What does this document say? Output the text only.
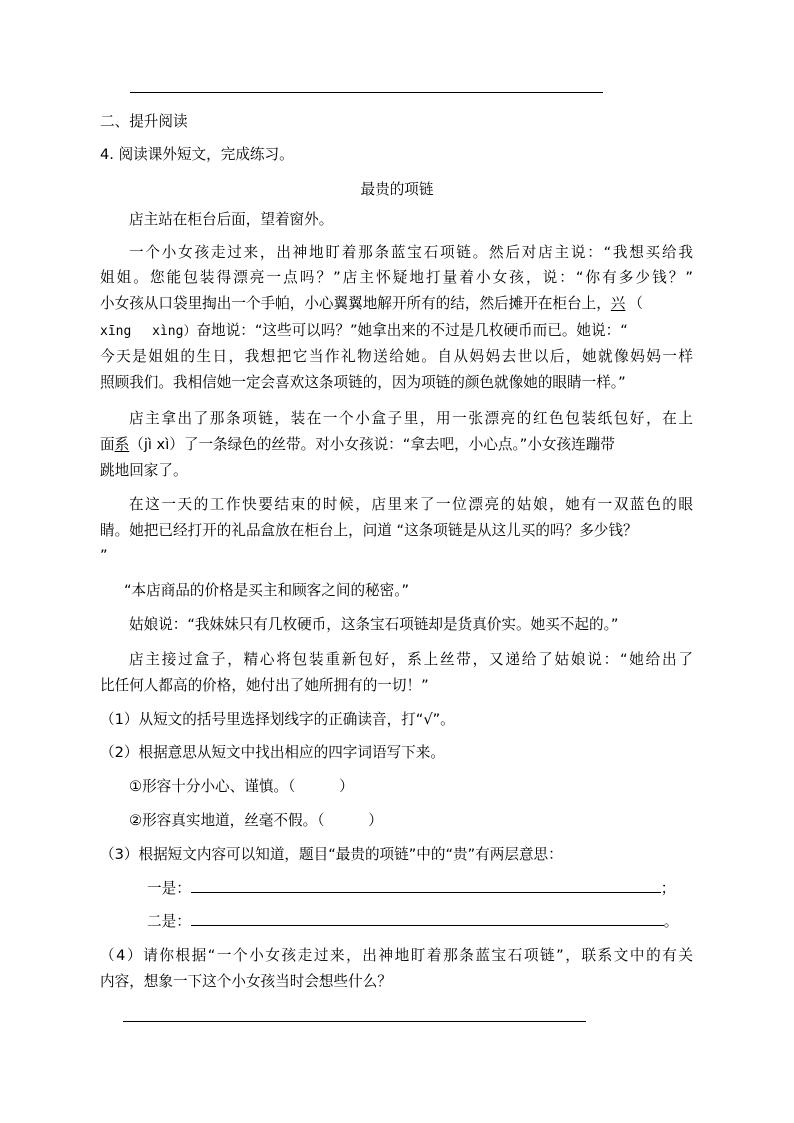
二、提升阅读
4. 阅读课外短文，完成练习。
最贵的项链
店主站在柜台后面，望着窗外。
一个小女孩走过来，出神地盯着那条蓝宝石项链。然后对店主说：“我想买给我
姐姐。您能包装得漂亮一点吗？”店主怀疑地打量着小女孩，说：“你有多少钱？”
小女孩从口袋里掏出一个手帕，小心翼翼地解开所有的结，然后摊开在柜台上，兴 （
xīng　 xìng）奋地说：“这些可以吗？”她拿出来的不过是几枚硬币而已。她说：“
今天是姐姐的生日，我想把它当作礼物送给她。自从妈妈去世以后，她就像妈妈一样
照顾我们。我相信她一定会喜欢这条项链的，因为项链的颜色就像她的眼睛一样。”
店主拿出了那条项链，装在一个小盒子里，用一张漂亮的红色包装纸包好，在上
面系（jì xì）了一条绿色的丝带。对小女孩说：“拿去吧，小心点。”小女孩连蹦带
跳地回家了。
在这一天的工作快要结束的时候，店里来了一位漂亮的姑娘，她有一双蓝色的眼
睛。她把已经打开的礼品盒放在柜台上，问道 “这条项链是从这儿买的吗？多少钱？
”
“本店商品的价格是买主和顾客之间的秘密。”
姑娘说：“我妹妹只有几枚硬币，这条宝石项链却是货真价实。她买不起的。”
店主接过盒子，精心将包装重新包好，系上丝带，又递给了姑娘说：“她给出了
比任何人都高的价格，她付出了她所拥有的一切！”
（1）从短文的括号里选择划线字的正确读音，打“√”。
（2）根据意思从短文中找出相应的四字词语写下来。
①形容十分小心、谨慎。（　　　）
②形容真实地道，丝毫不假。（　　　）
（3）根据短文内容可以知道，题目“最贵的项链”中的“贵”有两层意思：
一是：	；
二是：	。
（4）请你根据“一个小女孩走过来，出神地盯着那条蓝宝石项链”，联系文中的有关
内容，想象一下这个小女孩当时会想些什么？
